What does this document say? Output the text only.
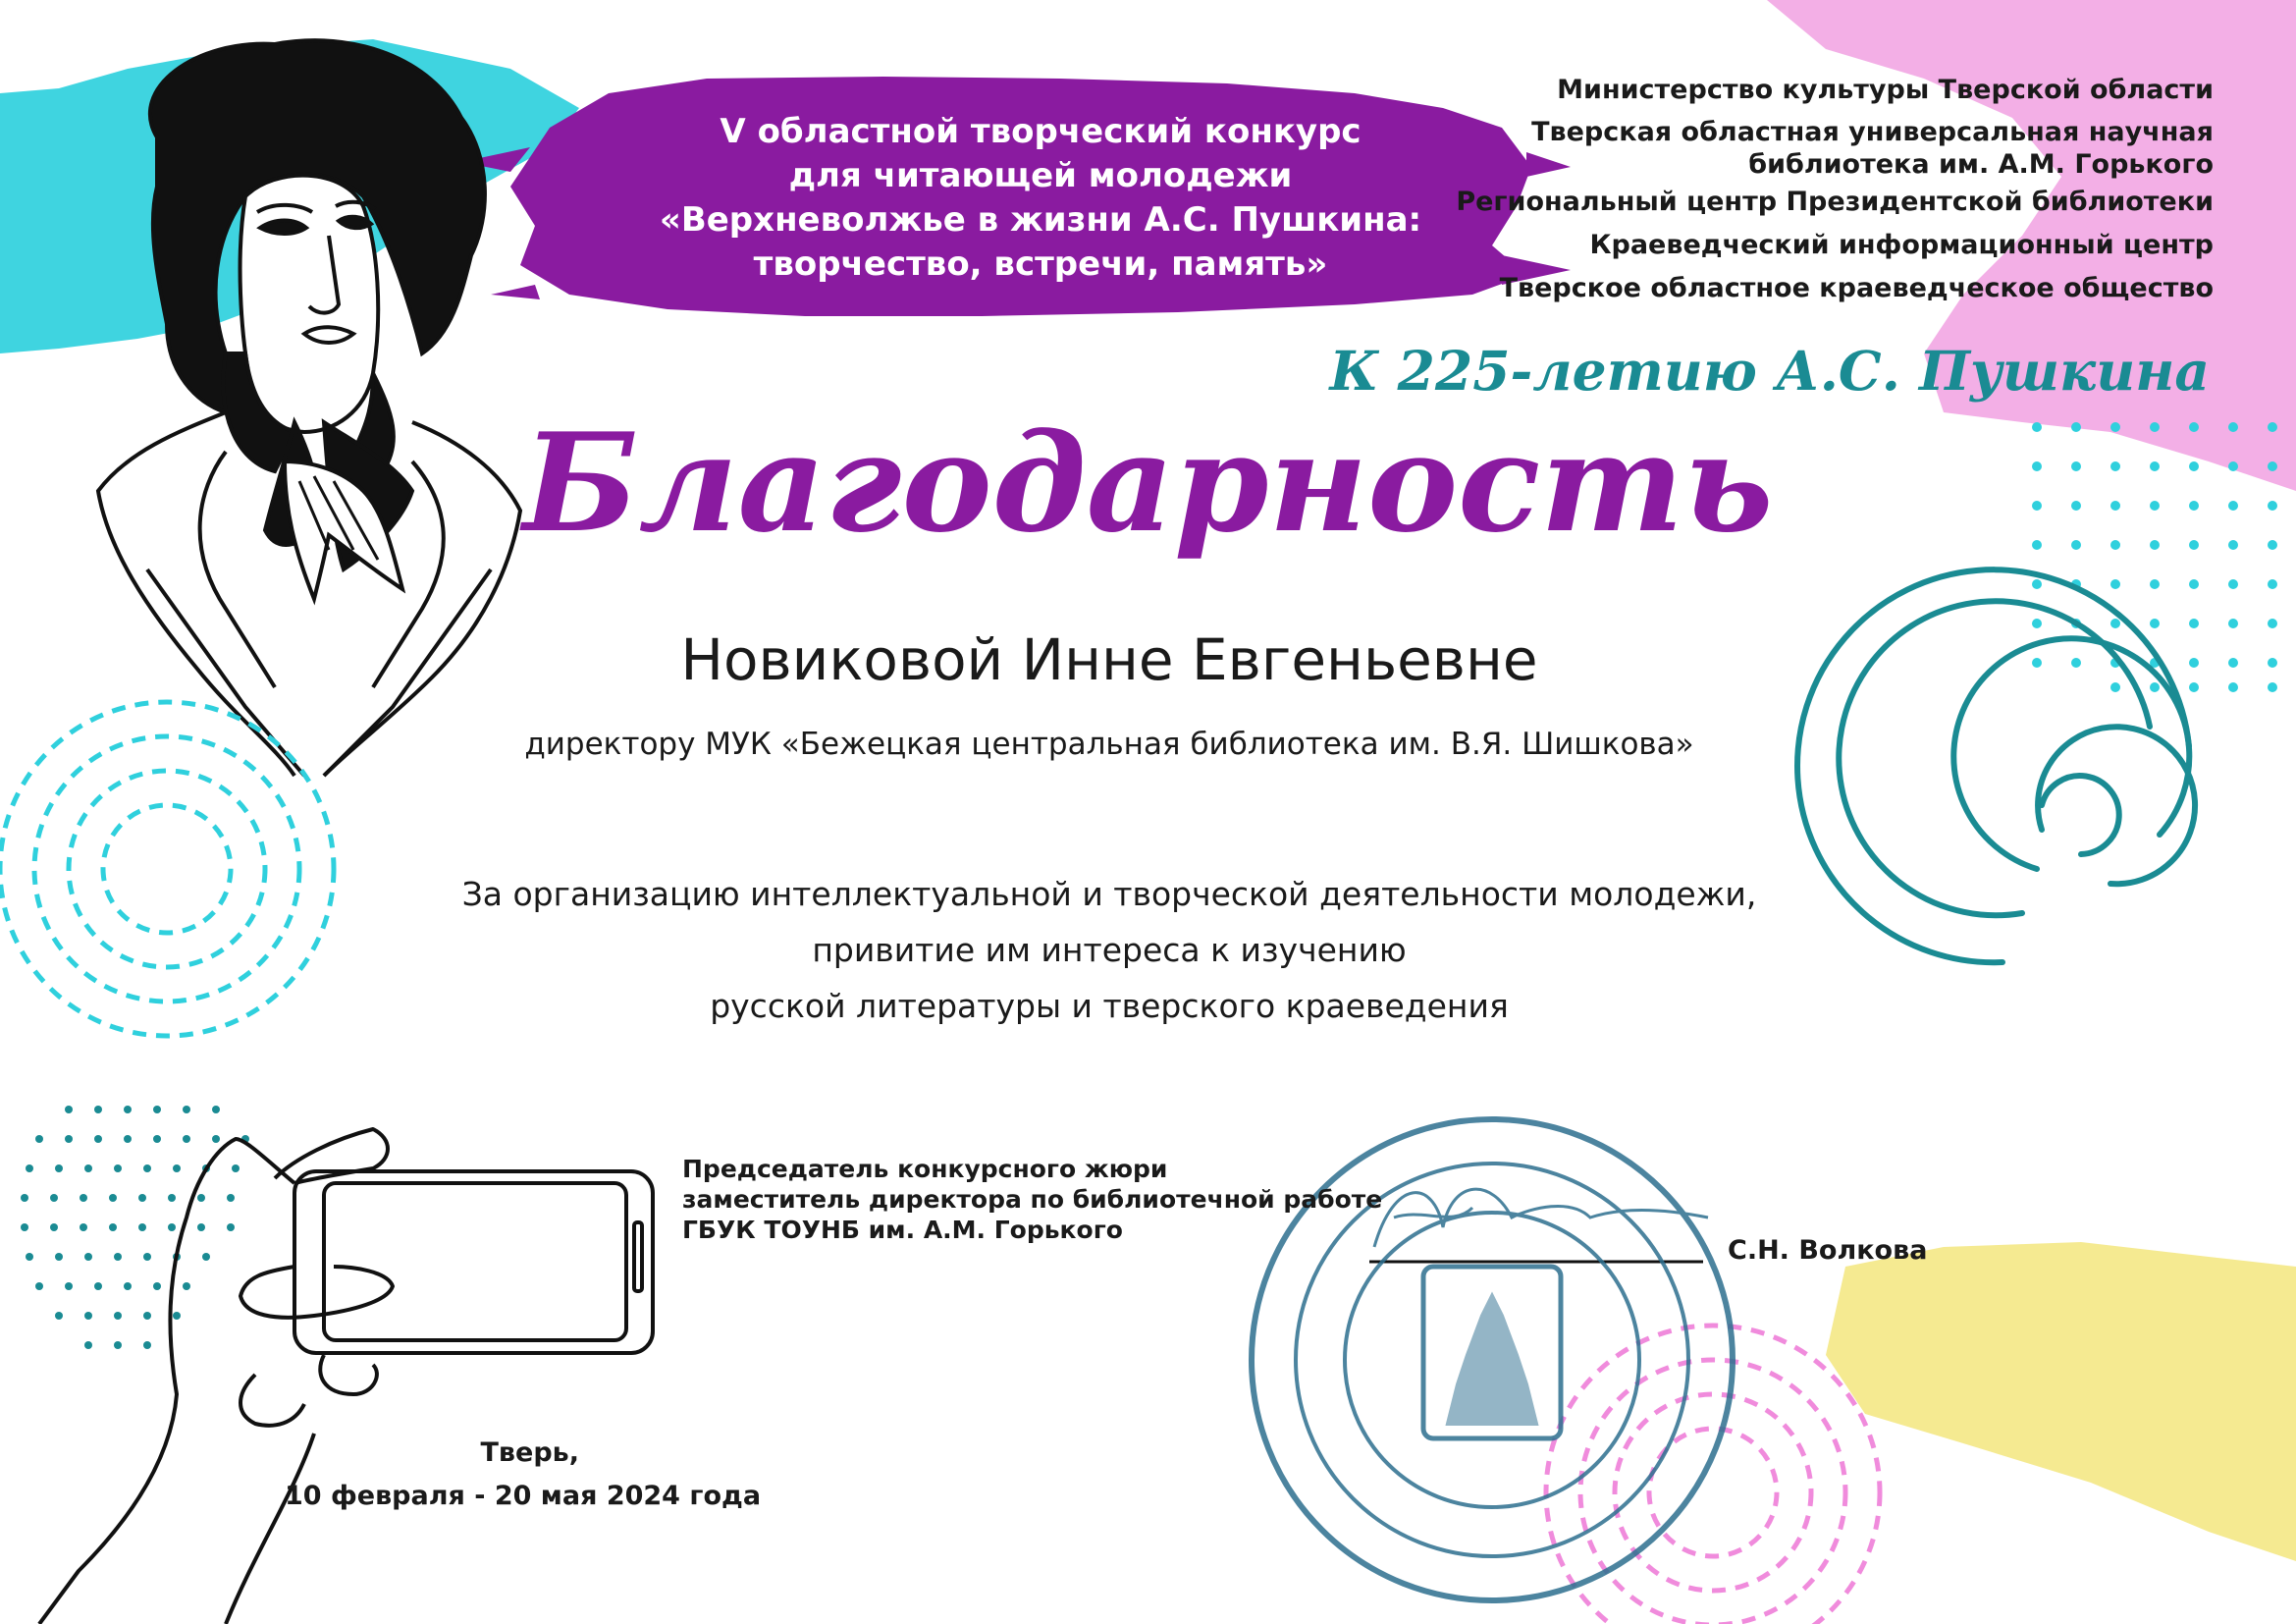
V областной творческий конкурс
для читающей молодежи
«Верхневолжье в жизни А.С. Пушкина:
творчество, встречи, память»
Министерство культуры Тверской области
Тверская областная универсальная научная
библиотека им. А.М. Горького
Региональный центр Президентской библиотеки
Краеведческий информационный центр
Тверское областное краеведческое общество
К 225-летию А.С. Пушкина
Благодарность
Новиковой Инне Евгеньевне
директору МУК «Бежецкая центральная библиотека им. В.Я. Шишкова»
За организацию интеллектуальной и творческой деятельности молодежи,
привитие им интереса к изучению
русской литературы и тверского краеведения
Председатель конкурсного жюри
заместитель директора по библиотечной работе
ГБУК ТОУНБ им. А.М. Горького
С.Н. Волкова
Тверь,
10 февраля - 20 мая 2024 года
